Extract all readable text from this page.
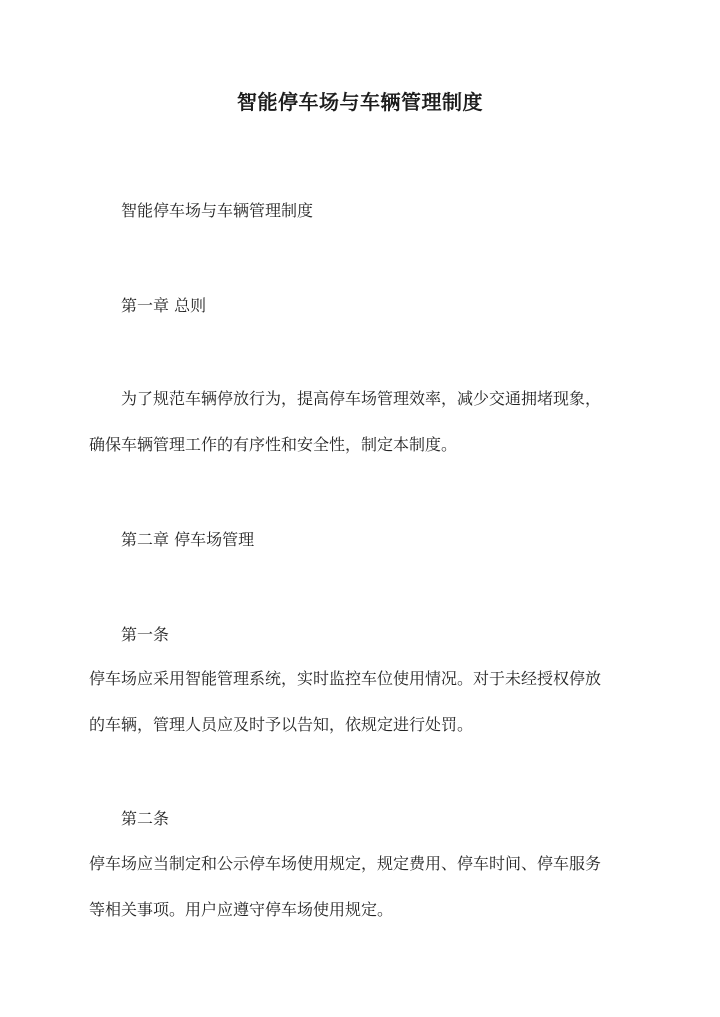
智能停车场与车辆管理制度
智能停车场与车辆管理制度
第一章 总则
为了规范车辆停放行为，提高停车场管理效率，减少交通拥堵现象，
确保车辆管理工作的有序性和安全性，制定本制度。
第二章 停车场管理
第一条
停车场应采用智能管理系统，实时监控车位使用情况。对于未经授权停放
的车辆，管理人员应及时予以告知，依规定进行处罚。
第二条
停车场应当制定和公示停车场使用规定，规定费用、停车时间、停车服务
等相关事项。用户应遵守停车场使用规定。
